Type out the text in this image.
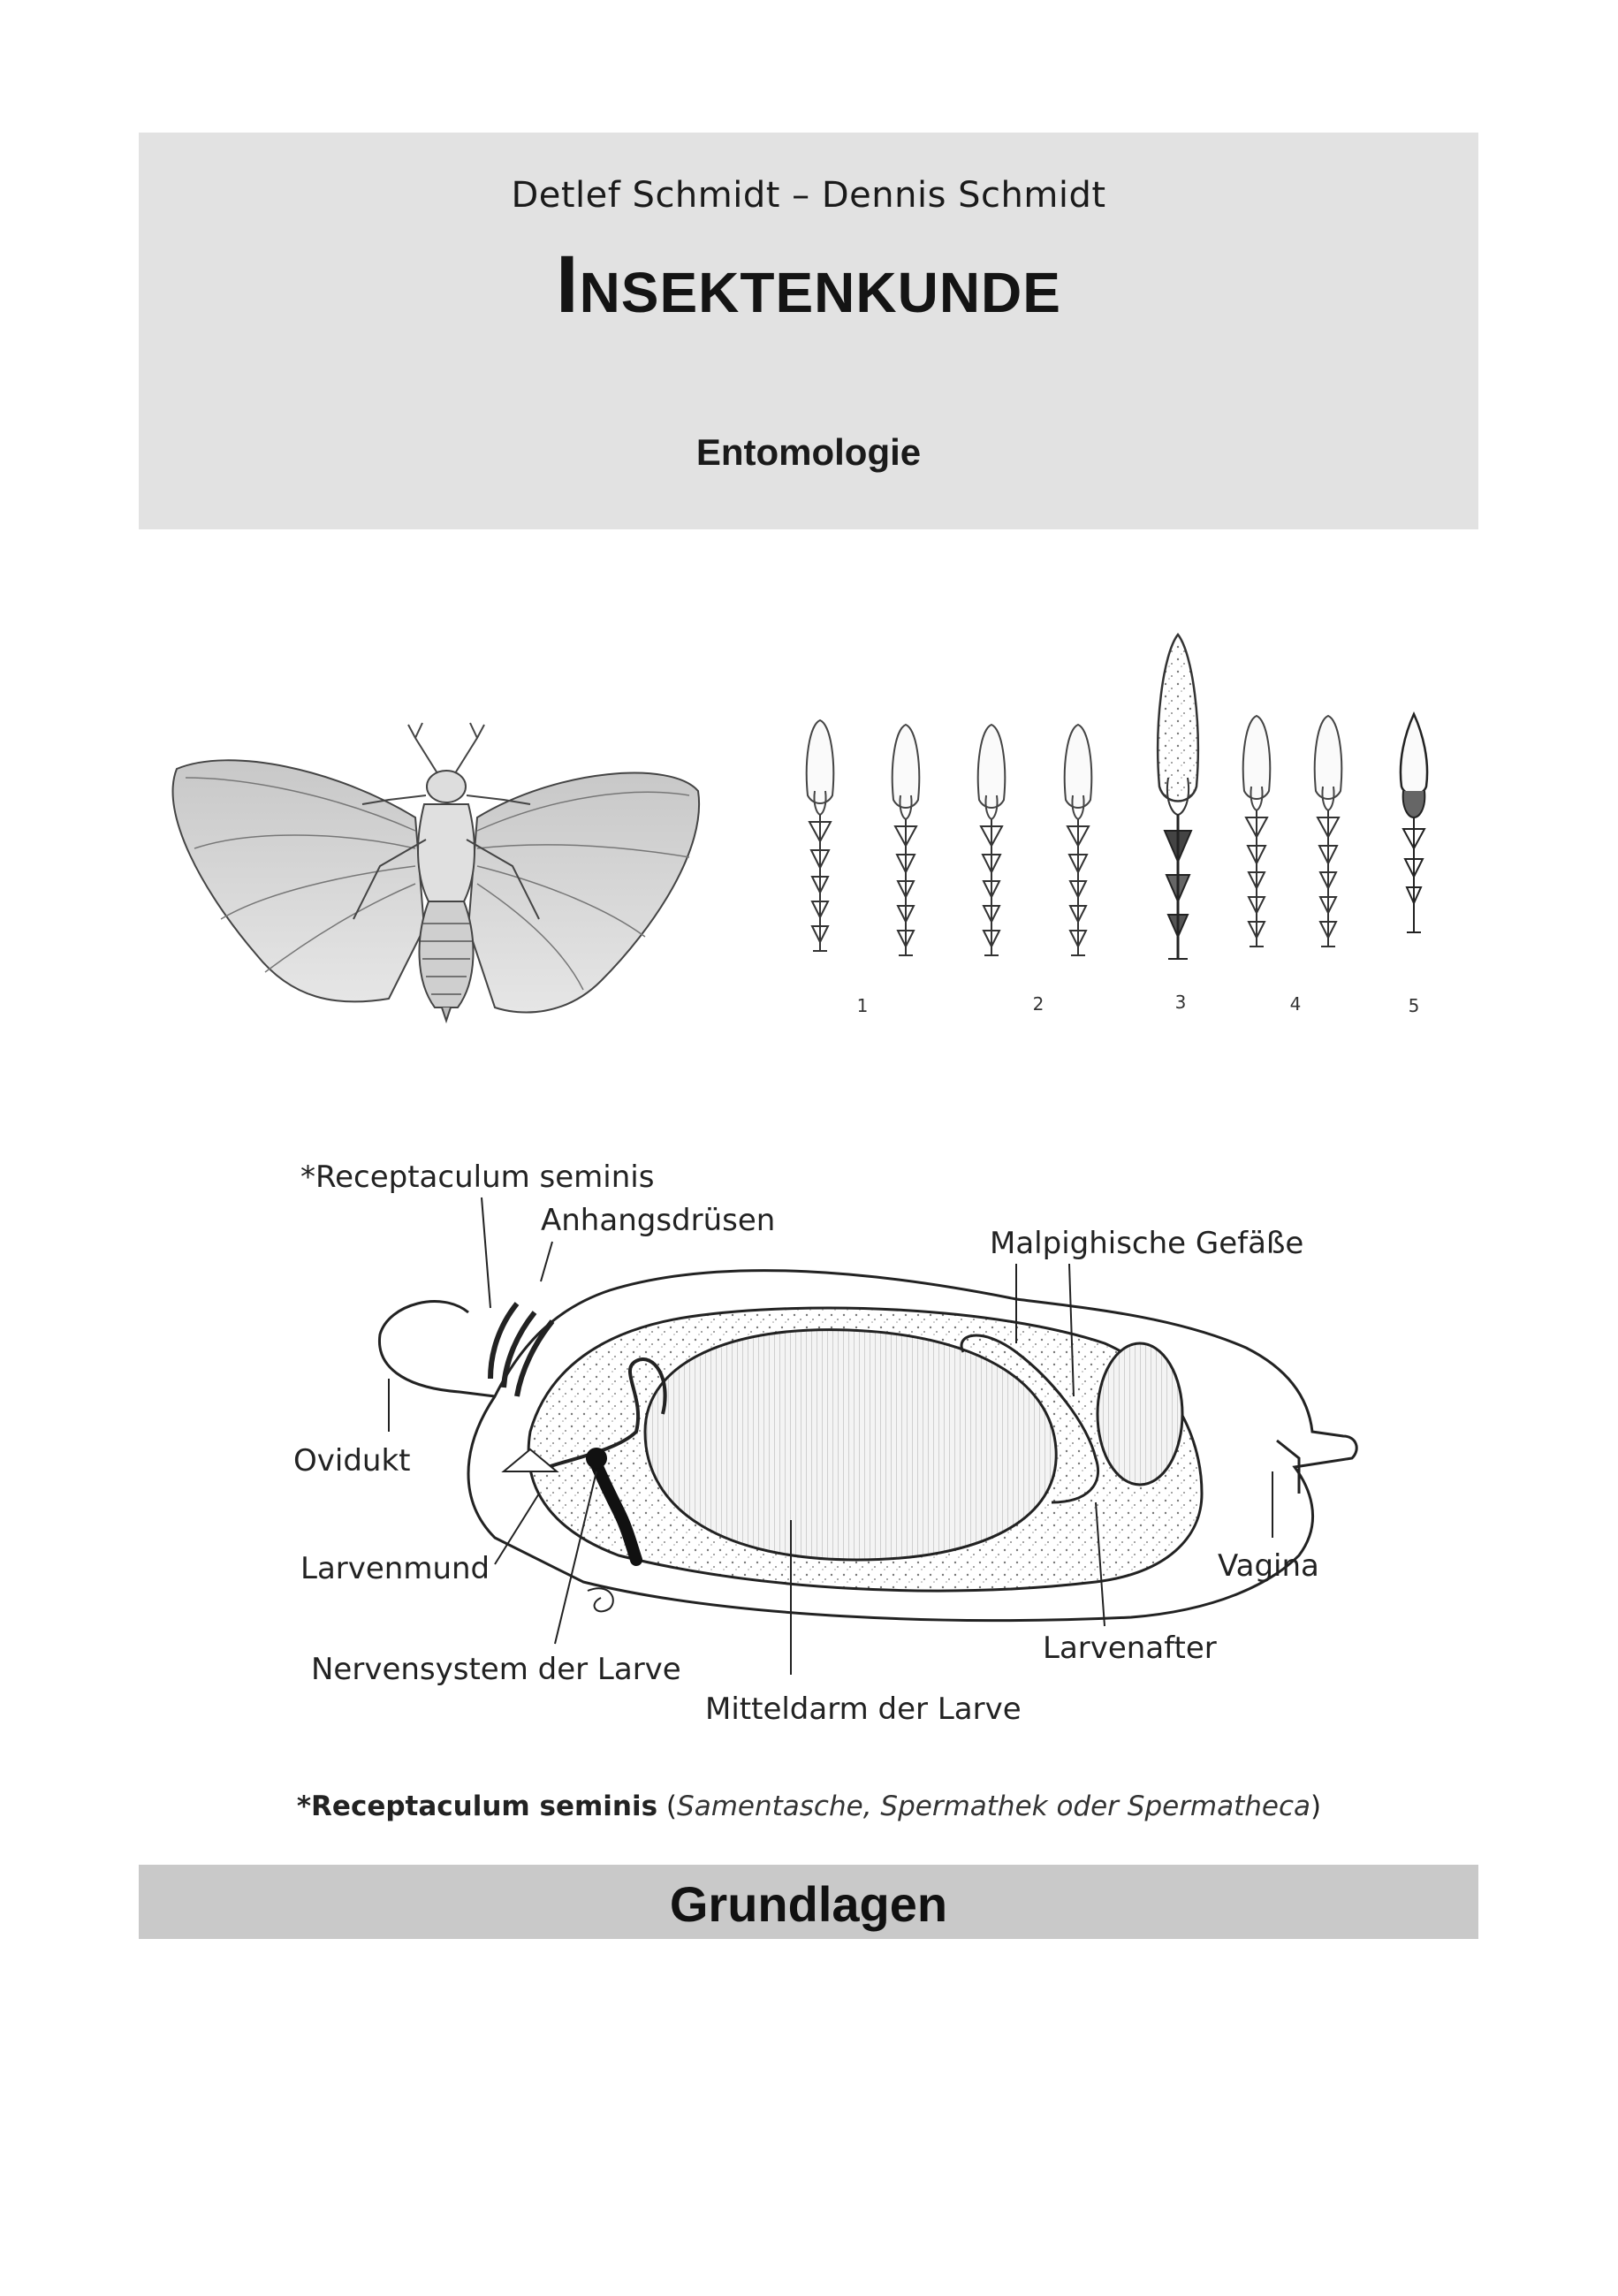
Detlef Schmidt – Dennis Schmidt
Insektenkunde
Entomologie
1	2	3	4	5
*Receptaculum seminis
Anhangsdrüsen
Malpighische Gefäße
Ovidukt
Larvenmund	Vagina
Nervensystem der Larve
Larvenafter
Mitteldarm der Larve
*Receptaculum seminis (Samentasche, Spermathek oder Spermatheca)
Grundlagen
